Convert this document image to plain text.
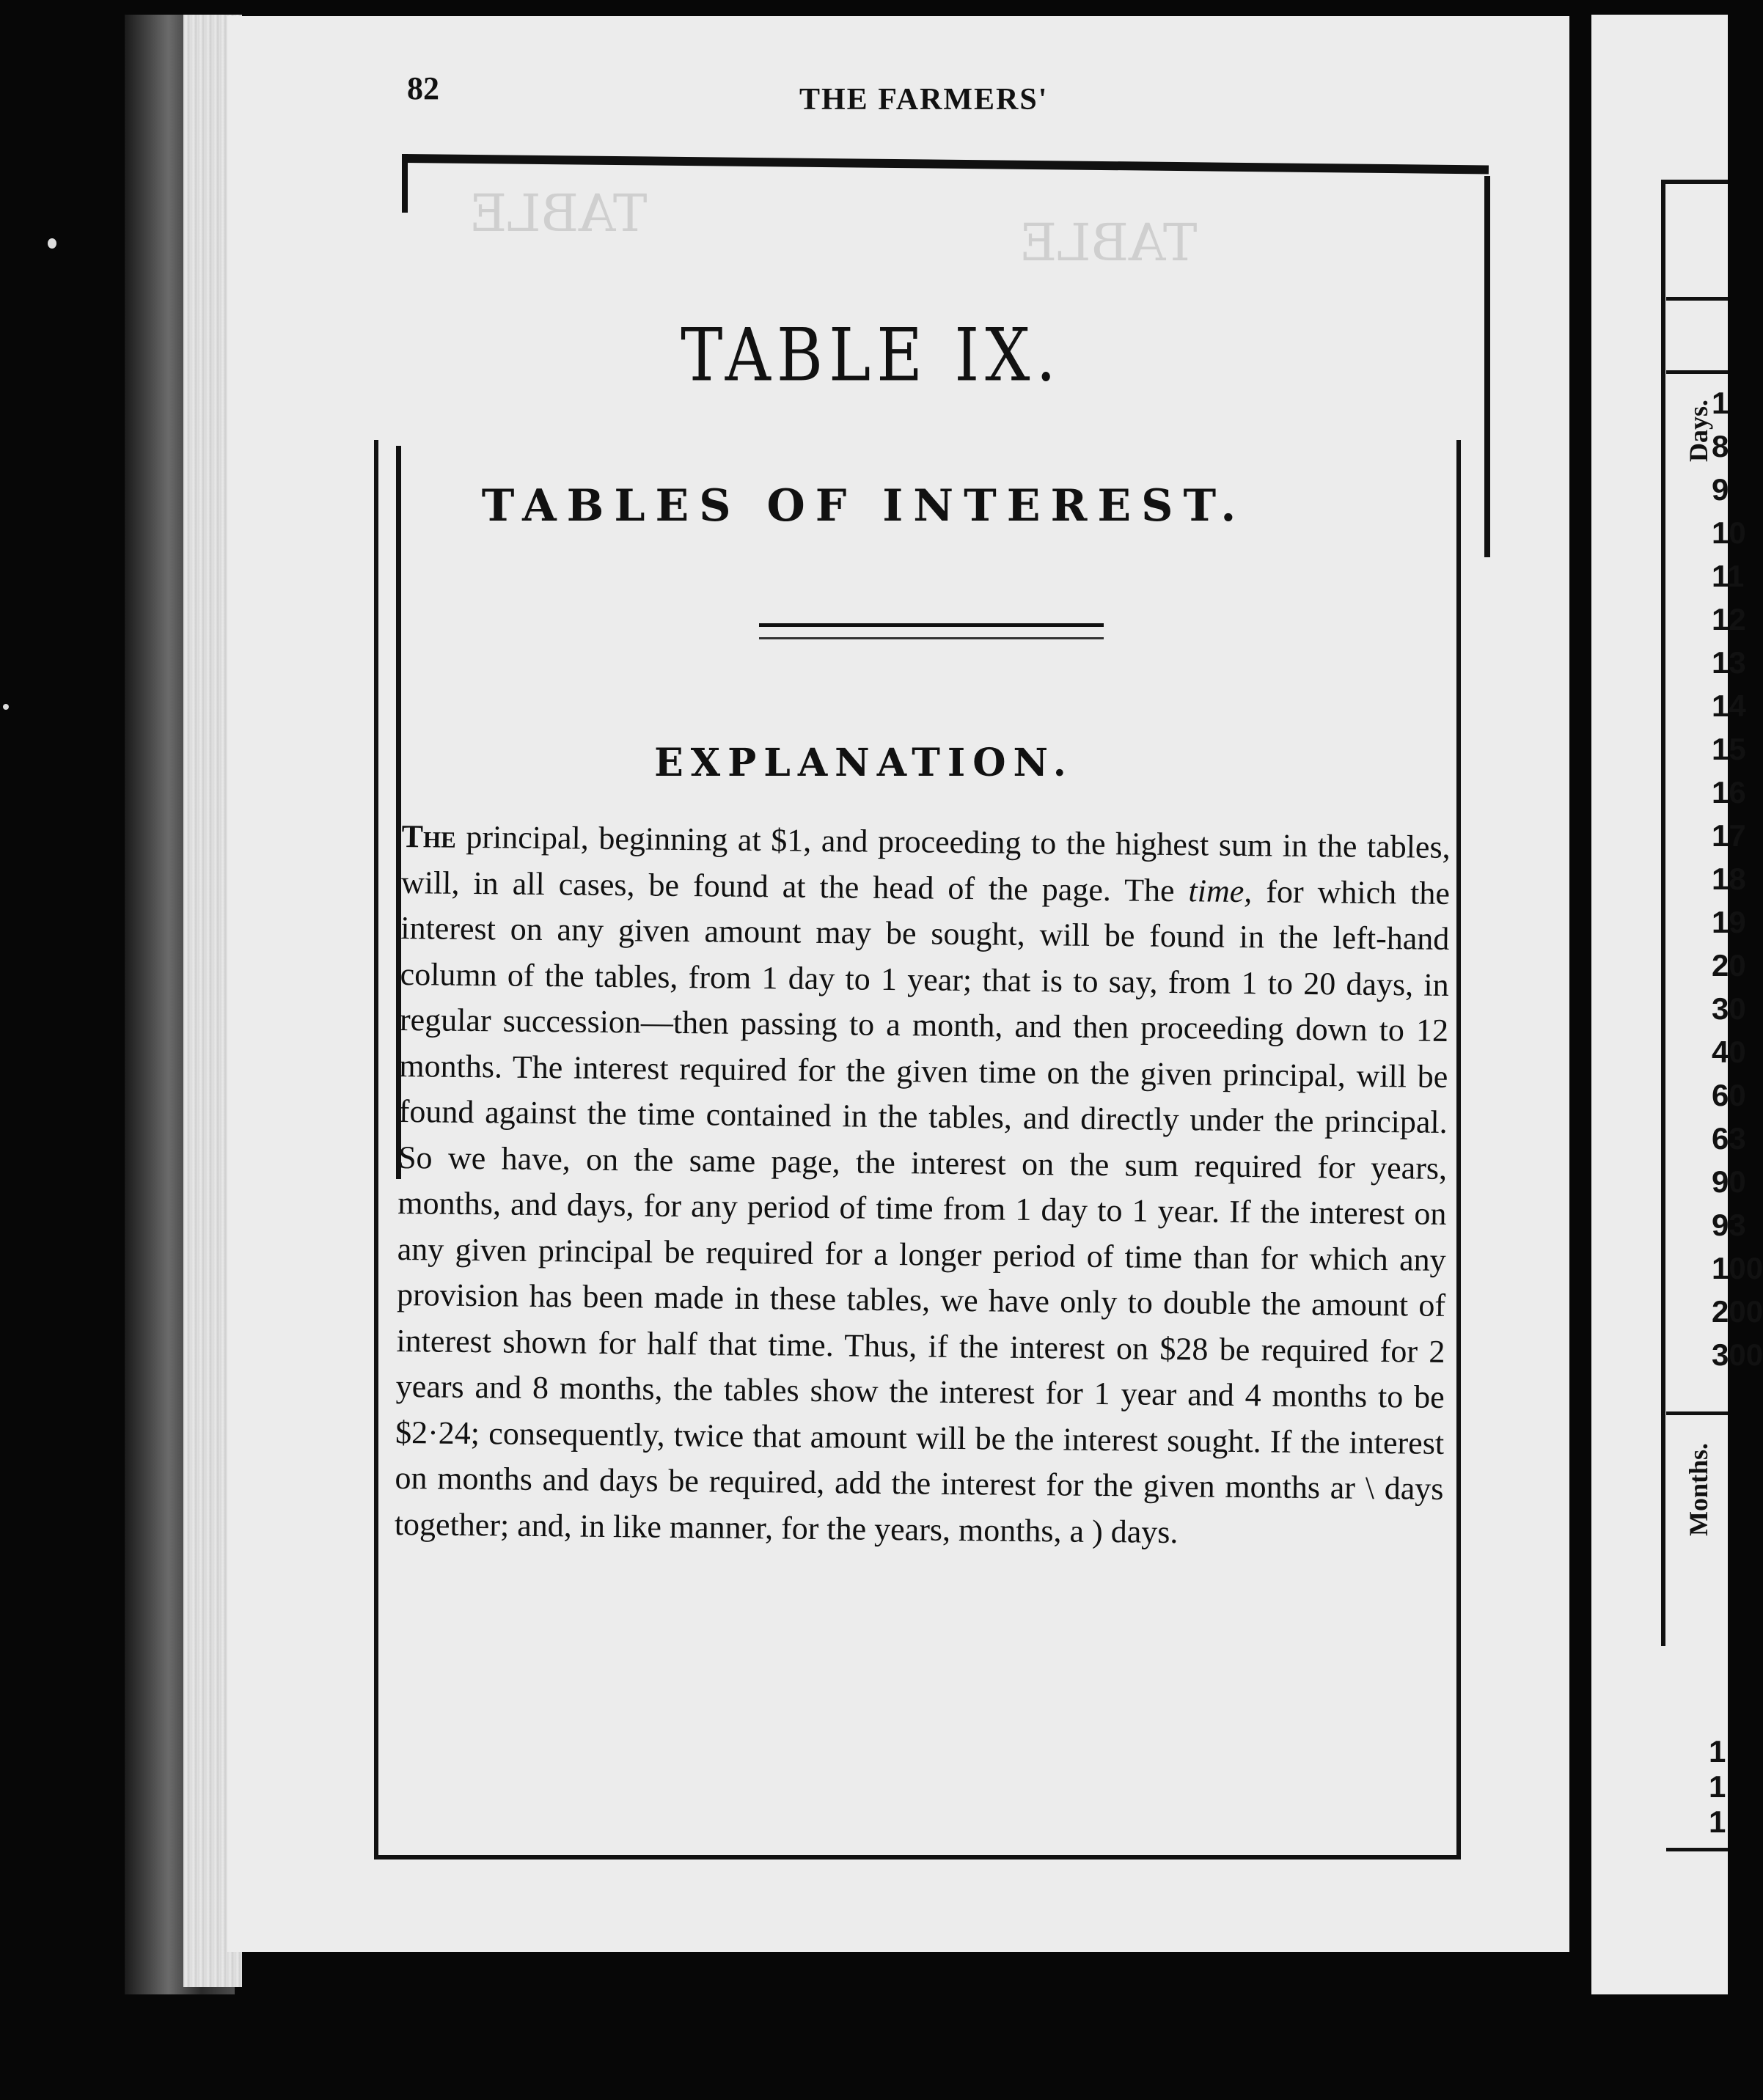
TABLE
TABLE
82	THE FARMERS'
TABLE IX.
TABLES OF INTEREST.
EXPLANATION.
The principal, beginning at $1, and proceeding to the highest sum in the tables, will, in all cases, be found at the head of the page. The time, for which the interest on any given amount may be sought, will be found in the left-hand column of the tables, from 1 day to 1 year; that is to say, from 1 to 20 days, in regular succession—then passing to a month, and then proceeding down to 12 months. The interest required for the given time on the given principal, will be found against the time contained in the tables, and directly under the principal. So we have, on the same page, the interest on the sum required for years, months, and days, for any period of time from 1 day to 1 year. If the interest on any given principal be required for a longer period of time than for which any provision has been made in these tables, we have only to double the amount of interest shown for half that time. Thus, if the interest on $28 be required for 2 years and 8 months, the tables show the interest for 1 year and 4 months to be $2·24; consequently, twice that amount will be the interest sought. If the interest on months and days be required, add the interest for the given months ar \ days together; and, in like manner, for the years, months, a ) days.
Days.
Months.
1
8
9
10
11
12
13
14
15
16
17
18
19
20
30
40
60
63
90
93
100
200
300
1
1
1
